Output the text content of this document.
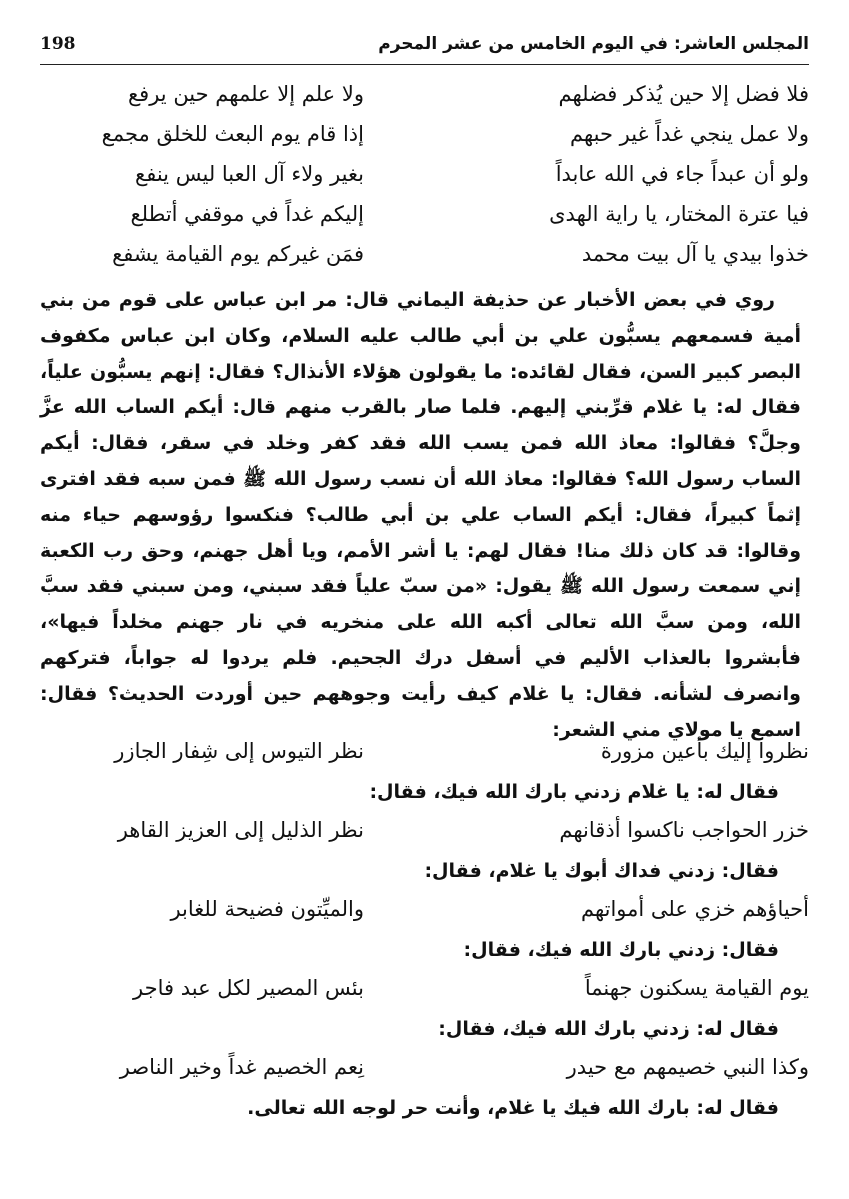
198	المجلس العاشر: في اليوم الخامس من عشر المحرم
فلا فضل إلا حين يُذكر فضلهم
ولا علم إلا علمهم حين يرفع
ولا عمل ينجي غداً غير حبهم
إذا قام يوم البعث للخلق مجمع
ولو أن عبداً جاء في الله عابداً
بغير ولاء آل العبا ليس ينفع
فيا عترة المختار، يا راية الهدى
إليكم غداً في موقفي أتطلع
خذوا بيدي يا آل بيت محمد
فمَن غيركم يوم القيامة يشفع

روي في بعض الأخبار عن حذيفة اليماني قال: مر ابن عباس على قوم من بني أمية فسمعهم يسبُّون علي بن أبي طالب عليه السلام، وكان ابن عباس مكفوف البصر كبير السن، فقال لقائده: ما يقولون هؤلاء الأنذال؟ فقال: إنهم يسبُّون علياً، فقال له: يا غلام قرِّبني إليهم. فلما صار بالقرب منهم قال: أيكم الساب الله عزَّ وجلَّ؟ فقالوا: معاذ الله فمن يسب الله فقد كفر وخلد في سقر، فقال: أيكم الساب رسول الله؟ فقالوا: معاذ الله أن نسب رسول الله ﷺ فمن سبه فقد افترى إثماً كبيراً، فقال: أيكم الساب علي بن أبي طالب؟ فنكسوا رؤوسهم حياء منه وقالوا: قد كان ذلك منا! فقال لهم: يا أشر الأمم، ويا أهل جهنم، وحق رب الكعبة إني سمعت رسول الله ﷺ يقول: «من سبّ علياً فقد سبني، ومن سبني فقد سبَّ الله، ومن سبَّ الله تعالى أكبه الله على منخريه في نار جهنم مخلداً فيها»، فأبشروا بالعذاب الأليم في أسفل درك الجحيم. فلم يردوا له جواباً، فتركهم وانصرف لشأنه. فقال: يا غلام كيف رأيت وجوههم حين أوردت الحديث؟ فقال: اسمع يا مولاي مني الشعر:

نظروا إليك بأعين مزورة
نظر التيوس إلى شِفار الجازر
فقال له: يا غلام زدني بارك الله فيك، فقال:
خزر الحواجب ناكسوا أذقانهم
نظر الذليل إلى العزيز القاهر
فقال: زدني فداك أبوك يا غلام، فقال:
أحياؤهم خزي على أمواتهم
والميِّتون فضيحة للغابر
فقال: زدني بارك الله فيك، فقال:
يوم القيامة يسكنون جهنماً
بئس المصير لكل عبد فاجر
فقال له: زدني بارك الله فيك، فقال:
وكذا النبي خصيمهم مع حيدر
نِعم الخصيم غداً وخير الناصر
فقال له: بارك الله فيك يا غلام، وأنت حر لوجه الله تعالى.
